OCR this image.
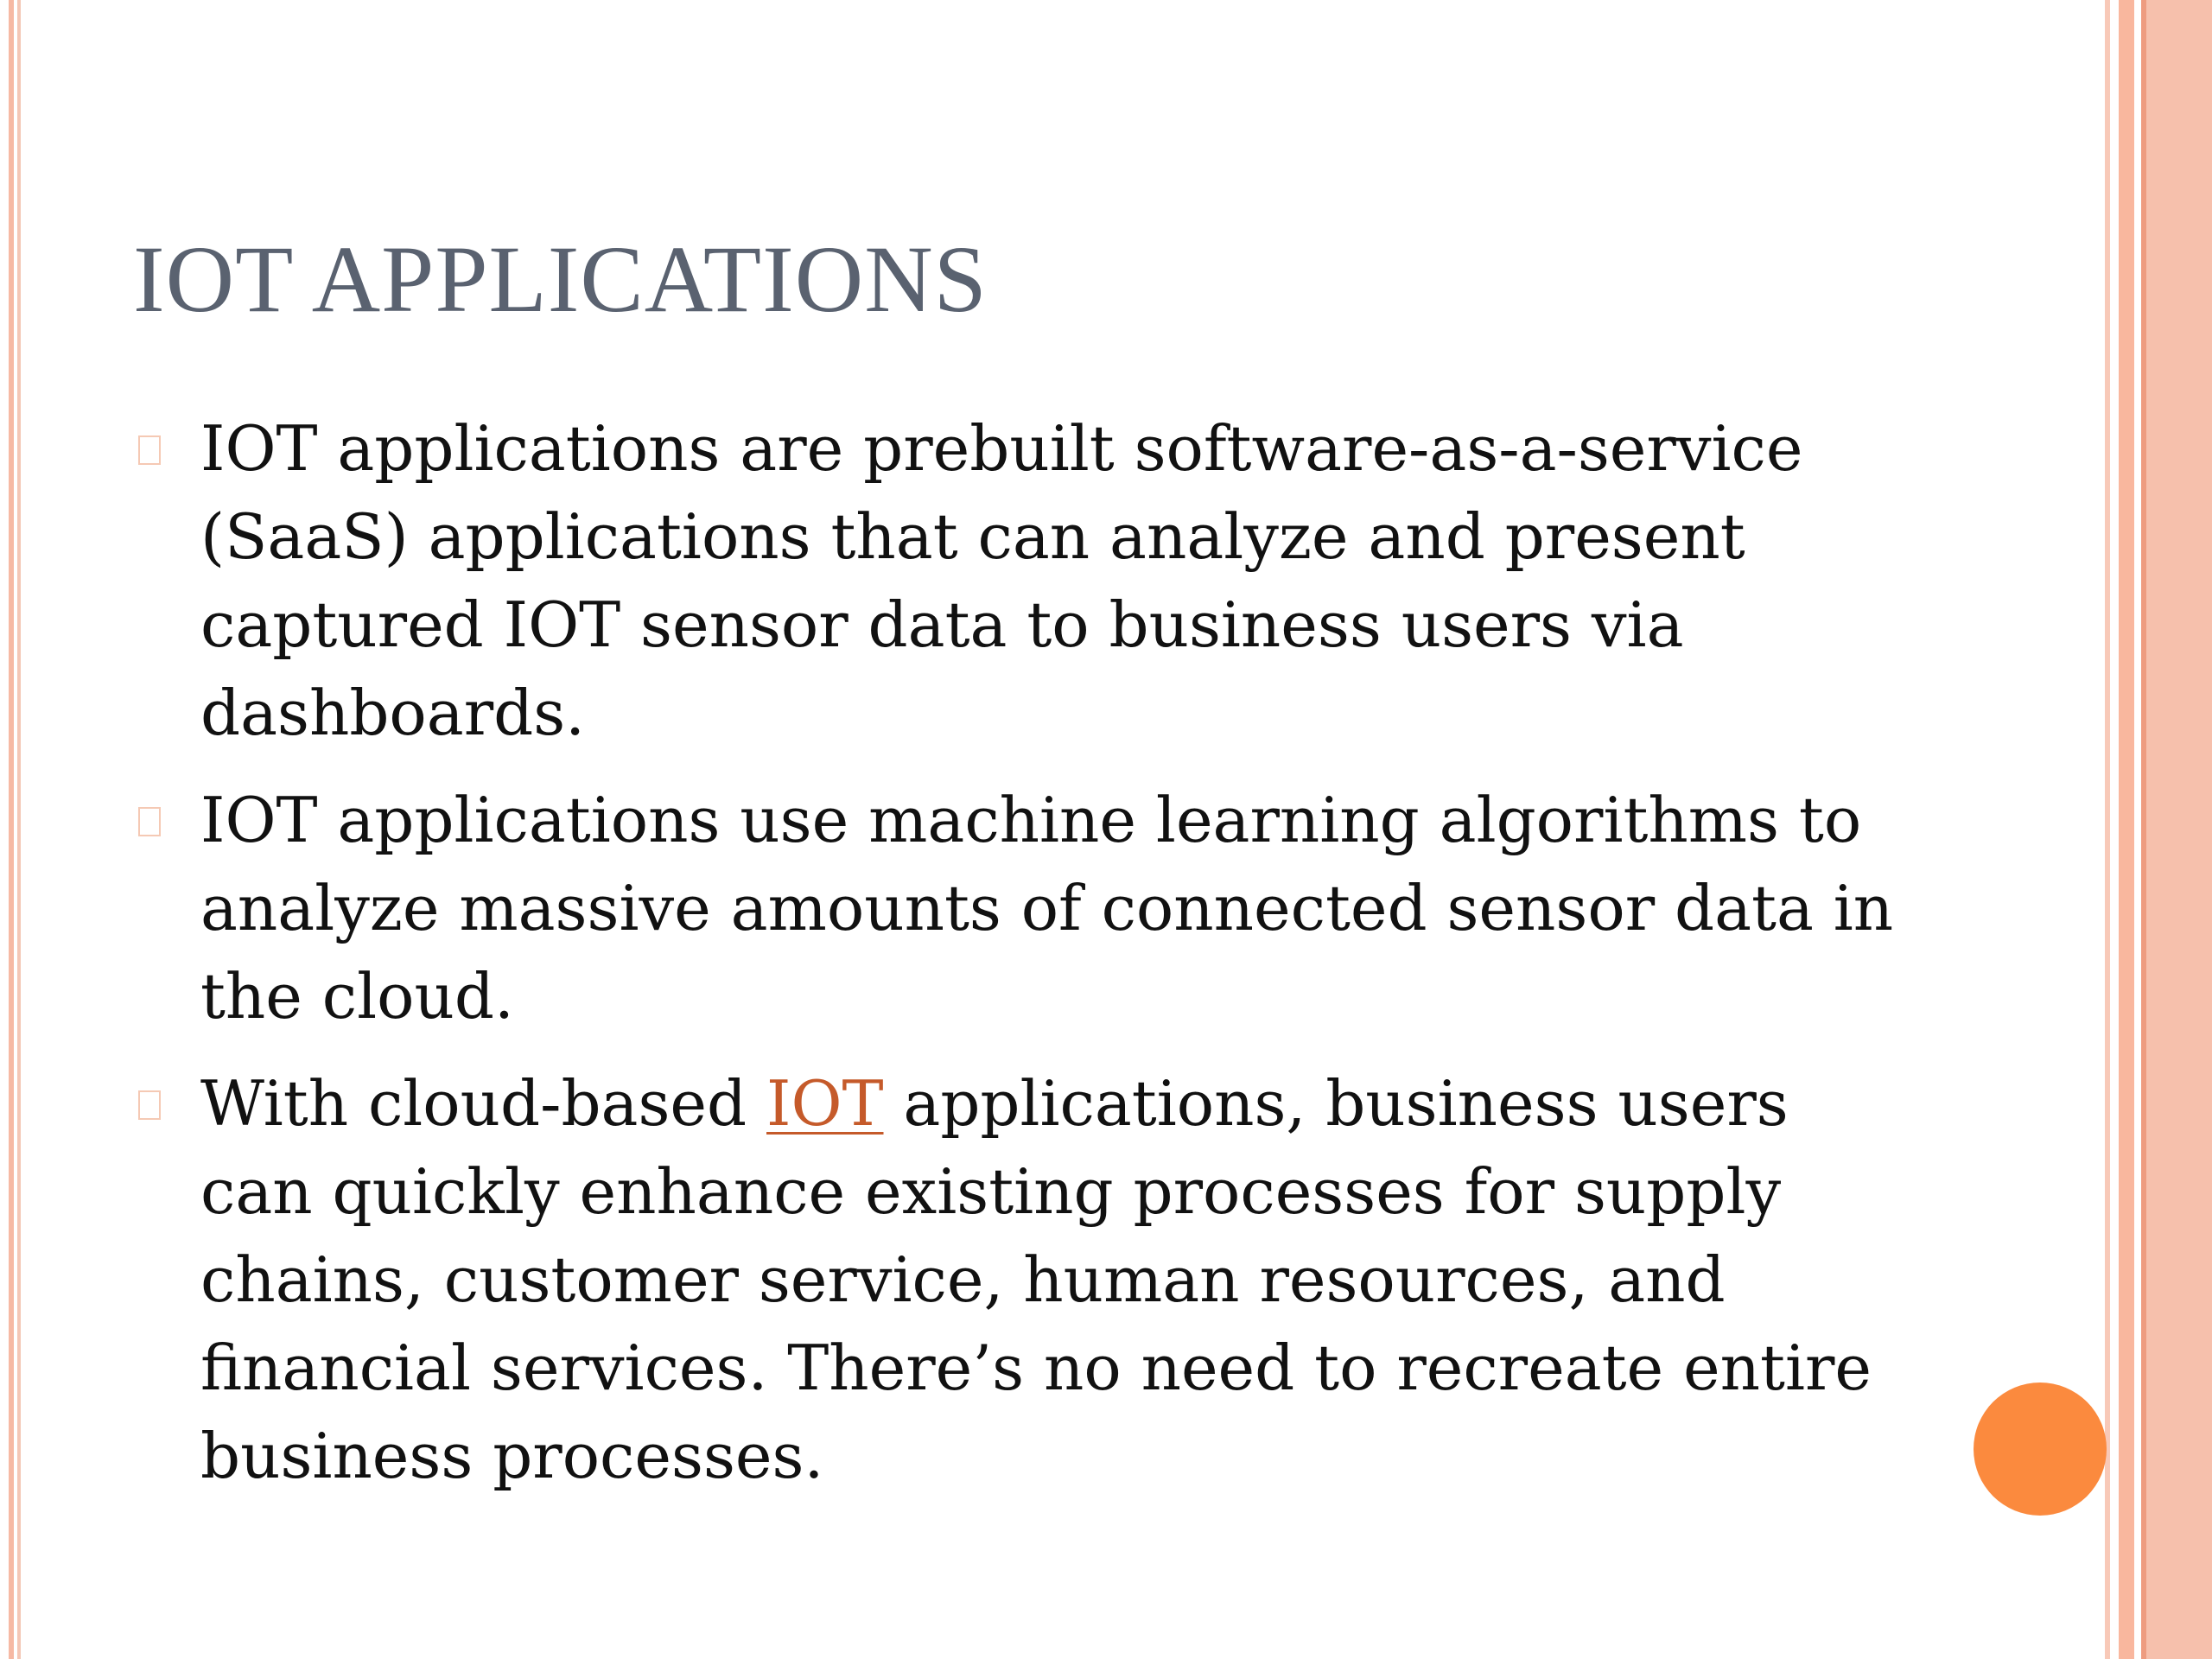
IOT APPLICATIONS
IOT applications are prebuilt software-as-a-service (SaaS) applications that can analyze and present captured IOT sensor data to business users via dashboards.
IOT applications use machine learning algorithms to analyze massive amounts of connected sensor data in the cloud.
With cloud-based IOT applications, business users can quickly enhance existing processes for supply chains, customer service, human resources, and financial services. There’s no need to recreate entire business processes.
